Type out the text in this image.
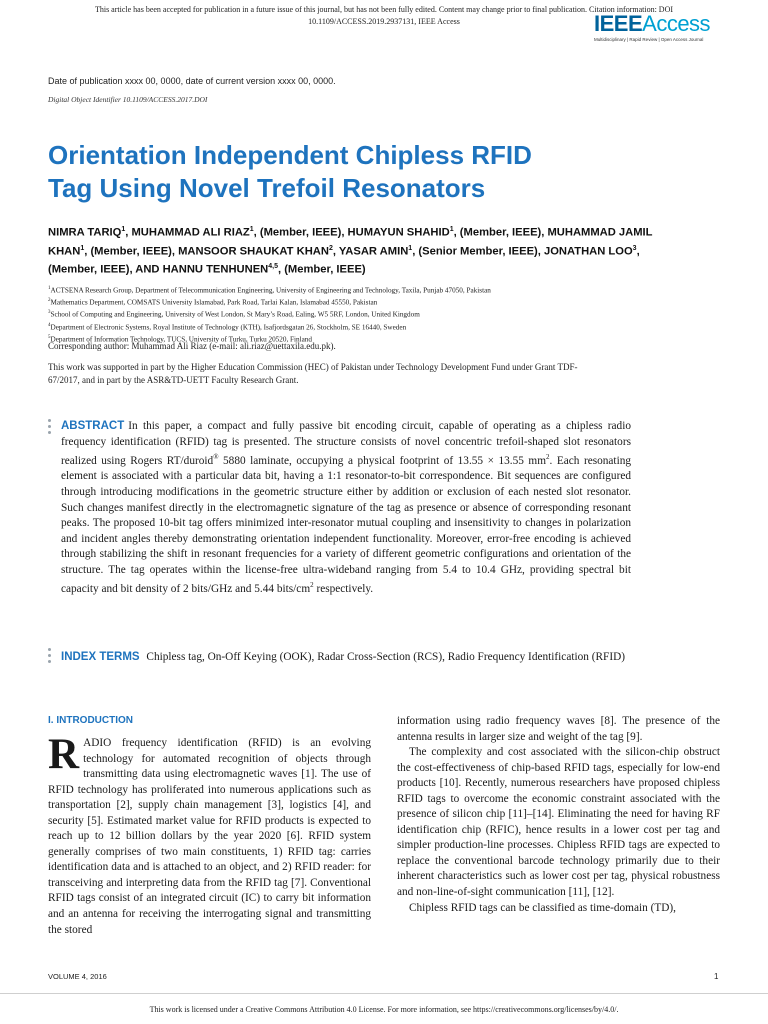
This article has been accepted for publication in a future issue of this journal, but has not been fully edited. Content may change prior to final publication. Citation information: DOI
10.1109/ACCESS.2019.2937131, IEEE Access	IEEEAccess
Multidisciplinary | Rapid Review | Open Access Journal
Date of publication xxxx 00, 0000, date of current version xxxx 00, 0000.
Digital Object Identifier 10.1109/ACCESS.2017.DOI
Orientation Independent Chipless RFID
Tag Using Novel Trefoil Resonators
NIMRA TARIQ$^1$, MUHAMMAD ALI RIAZ$^1$, (Member, IEEE), HUMAYUN SHAHID$^1$, (Member, IEEE), MUHAMMAD JAMIL KHAN$^1$, (Member, IEEE), MANSOOR SHAUKAT KHAN$^2$, YASAR AMIN$^1$, (Senior Member, IEEE), JONATHAN LOO$^3$, (Member, IEEE), AND HANNU TENHUNEN$^{4,5}$, (Member, IEEE)
$^1$ACTSENA Research Group, Department of Telecommunication Engineering, University of Engineering and Technology, Taxila, Punjab 47050, Pakistan
$^2$Mathematics Department, COMSATS University Islamabad, Park Road, Tarlai Kalan, Islamabad 45550, Pakistan
$^3$School of Computing and Engineering, University of West London, St Mary’s Road, Ealing, W5 5RF, London, United Kingdom
$^4$Department of Electronic Systems, Royal Institute of Technology (KTH), Isafjordsgatan 26, Stockholm, SE 16440, Sweden
$^5$Department of Information Technology, TUCS, University of Turku, Turku 20520, Finland
Corresponding author: Muhammad Ali Riaz (e-mail: ali.riaz@uettaxila.edu.pk).
This work was supported in part by the Higher Education Commission (HEC) of Pakistan under Technology Development Fund under Grant TDF-67/2017, and in part by the ASR&TD-UETT Faculty Research Grant.
ABSTRACT In this paper, a compact and fully passive bit encoding circuit, capable of operating as a chipless radio frequency identification (RFID) tag is presented. The structure consists of novel concentric trefoil-shaped slot resonators realized using Rogers RT/duroid® 5880 laminate, occupying a physical footprint of 13.55 × 13.55 $mm^2$. Each resonating element is associated with a particular data bit, having a 1:1 resonator-to-bit correspondence. Bit sequences are configured through introducing modifications in the geometric structure either by addition or exclusion of each nested slot resonator. Such changes manifest directly in the electromagnetic signature of the tag as presence or absence of corresponding resonant peaks. The proposed 10-bit tag offers minimized inter-resonator mutual coupling and insensitivity to changes in polarization and incident angles thereby demonstrating orientation independent functionality. Moreover, error-free encoding is achieved through stabilizing the shift in resonant frequencies for a variety of different geometric configurations and orientation of the structure. The tag operates within the license-free ultra-wideband ranging from 5.4 to 10.4 GHz, providing spectral bit capacity and bit density of 2 bits/GHz and 5.44 bits/$cm^2$ respectively.
INDEX TERMS Chipless tag, On-Off Keying (OOK), Radar Cross-Section (RCS), Radio Frequency Identification (RFID)
I. INTRODUCTION
RADIO frequency identification (RFID) is an evolving technology for automated recognition of objects through transmitting data using electromagnetic waves [1]. The use of RFID technology has proliferated into numerous applications such as transportation [2], supply chain management [3], logistics [4], and security [5]. Estimated market value for RFID products is expected to reach up to 12 billion dollars by the year 2020 [6]. RFID system generally comprises of two main constituents, 1) RFID tag: carries identification data and is attached to an object, and 2) RFID reader: for transceiving and interpreting data from the RFID tag [7]. Conventional RFID tags consist of an integrated circuit (IC) to carry bit information and an antenna for receiving the interrogating signal and transmitting the stored

information using radio frequency waves [8]. The presence of the antenna results in larger size and weight of the tag [9].

The complexity and cost associated with the silicon-chip obstruct the cost-effectiveness of chip-based RFID tags, especially for low-end products [10]. Recently, numerous researchers have proposed chipless RFID tags to overcome the economic constraint associated with the presence of silicon chip [11]–[14]. Eliminating the need for having RF identification chip (RFIC), hence results in a lower cost per tag and simpler production-line processes. Chipless RFID tags are expected to replace the conventional barcode technology primarily due to their inherent characteristics such as lower cost per tag, physical robustness and non-line-of-sight communication [11], [12].

Chipless RFID tags can be classified as time-domain (TD),

VOLUME 4, 2016	1
This work is licensed under a Creative Commons Attribution 4.0 License. For more information, see https://creativecommons.org/licenses/by/4.0/.
